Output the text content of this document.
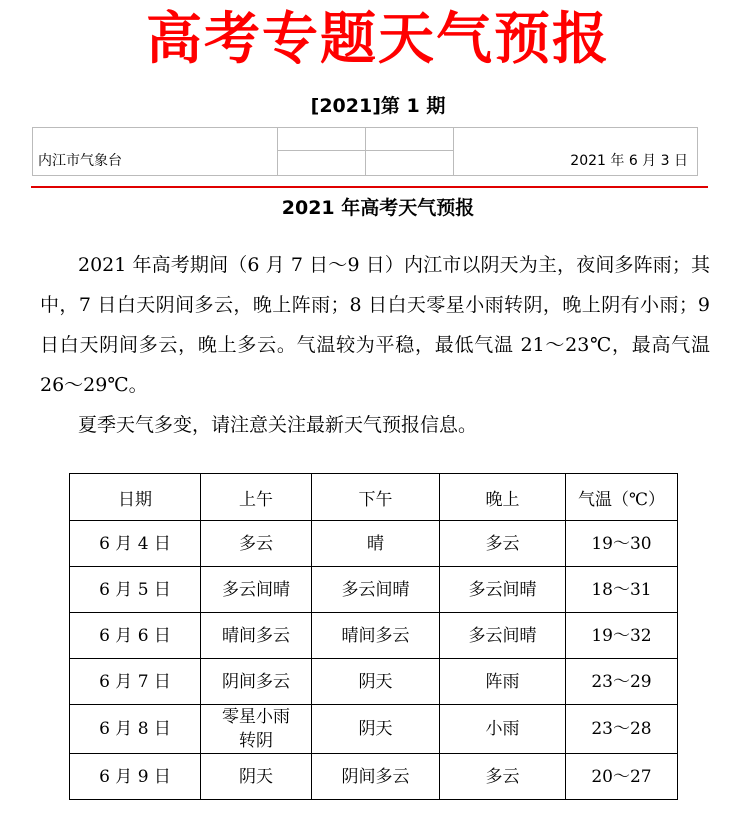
高考专题天气预报
[2021]第 1 期
内江市气象台	2021 年 6 月 3 日
2021 年高考天气预报

2021 年高考期间（6 月 7 日～9 日）内江市以阴天为主，夜间多阵雨；其中，7 日白天阴间多云，晚上阵雨；8 日白天零星小雨转阴，晚上阴有小雨；9 日白天阴间多云，晚上多云。气温较为平稳，最低气温 21～23℃，最高气温 26～29℃。

夏季天气多变，请注意关注最新天气预报信息。

日期	上午	下午	晚上	气温（℃）
6 月 4 日	多云	晴	多云	19～30
6 月 5 日	多云间晴	多云间晴	多云间晴	18～31
6 月 6 日	晴间多云	晴间多云	多云间晴	19～32
6 月 7 日	阴间多云	阴天	阵雨	23～29
6 月 8 日	零星小雨转阴	阴天	小雨	23～28
6 月 9 日	阴天	阴间多云	多云	20～27
